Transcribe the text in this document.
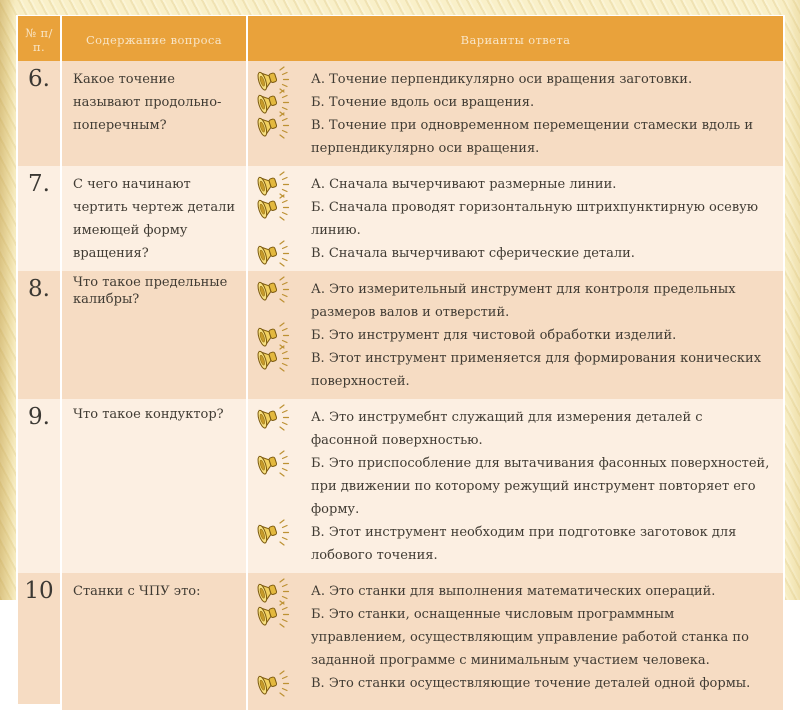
№ п/п.	Содержание вопроса	Варианты ответа
6.	Какое точение называют продольно-поперечным?
А. Точение перпендикулярно оси вращения заготовки.
Б. Точение вдоль оси вращения.
В. Точение при одновременном перемещении стамески вдоль и перпендикулярно оси вращения.
7.	С чего начинают чертить чертеж детали имеющей форму вращения?
А. Сначала вычерчивают размерные линии.
Б. Сначала проводят горизонтальную штрихпунктирную осевую линию.
В. Сначала вычерчивают сферические детали.
8.	Что такое предельные калибры?
А. Это измерительный инструмент для контроля предельных размеров валов и отверстий.
Б. Это инструмент для чистовой обработки изделий.
В. Этот инструмент применяется для формирования конических поверхностей.
9.	Что такое кондуктор?	А. Это инструмебнт служащий для измерения деталей с фасонной поверхностью.
Б. Это приспособление для вытачивания фасонных поверхностей, при движении по которому режущий инструмент повторяет его форму.
В. Этот инструмент необходим при подготовке заготовок для лобового точения.
10	Станки с ЧПУ это:	А. Это станки для выполнения математических операций.
Б. Это станки, оснащенные числовым программным управлением, осуществляющим управление работой станка по заданной программе с минимальным участием человека.
В. Это станки осуществляющие точение деталей одной формы.
